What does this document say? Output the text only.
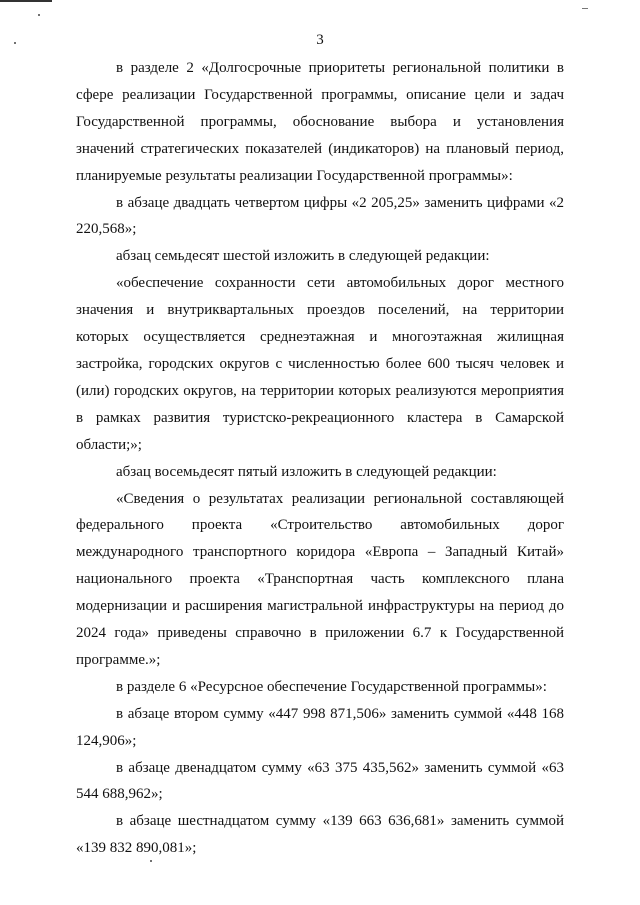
3

в разделе 2 «Долгосрочные приоритеты региональной политики в сфере реализации Государственной программы, описание цели и задач Государственной программы, обоснование выбора и установления значений стратегических показателей (индикаторов) на плановый период, планируемые результаты реализации Государственной программы»:

в абзаце двадцать четвертом цифры «2 205,25» заменить цифрами «2 220,568»;

абзац семьдесят шестой изложить в следующей редакции:

«обеспечение сохранности сети автомобильных дорог местного значения и внутриквартальных проездов поселений, на территории которых осуществляется среднеэтажная и многоэтажная жилищная застройка, городских округов с численностью более 600 тысяч человек и (или) городских округов, на территории которых реализуются мероприятия в рамках развития туристско-рекреационного кластера в Самарской области;»;

абзац восемьдесят пятый изложить в следующей редакции:

«Сведения о результатах реализации региональной составляющей федерального проекта «Строительство автомобильных дорог международного транспортного коридора «Европа – Западный Китай» национального проекта «Транспортная часть комплексного плана модернизации и расширения магистральной инфраструктуры на период до 2024 года» приведены справочно в приложении 6.7 к Государственной программе.»;

в разделе 6 «Ресурсное обеспечение Государственной программы»:

в абзаце втором сумму «447 998 871,506» заменить суммой «448 168 124,906»;

в абзаце двенадцатом сумму «63 375 435,562» заменить суммой «63 544 688,962»;

в абзаце шестнадцатом сумму «139 663 636,681» заменить суммой «139 832 890,081»;
